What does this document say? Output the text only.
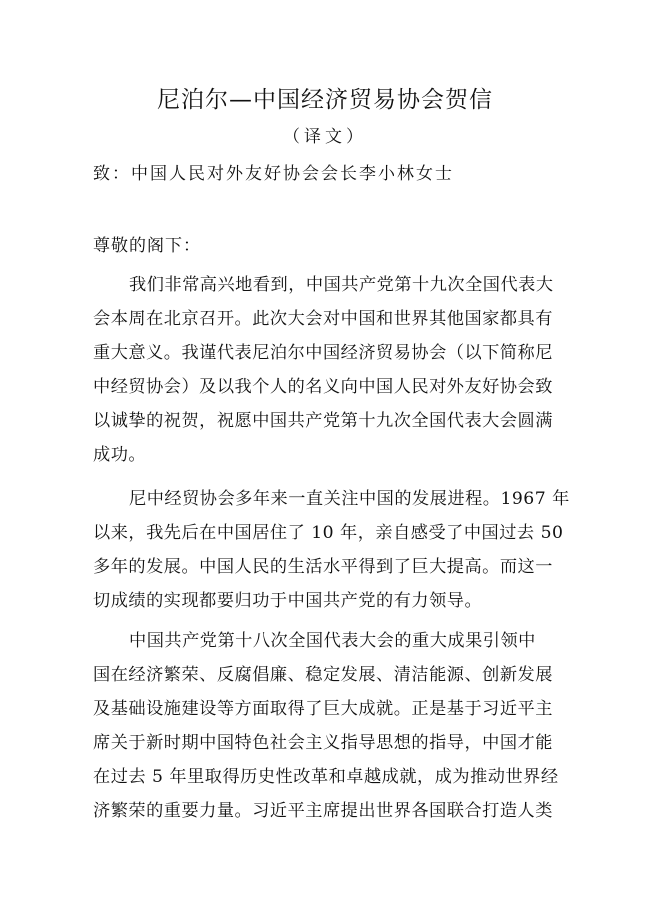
尼泊尔—中国经济贸易协会贺信
（译文）
致：中国人民对外友好协会会长李小林女士
尊敬的阁下：
我们非常高兴地看到，中国共产党第十九次全国代表大
会本周在北京召开。此次大会对中国和世界其他国家都具有
重大意义。我谨代表尼泊尔中国经济贸易协会（以下简称尼
中经贸协会）及以我个人的名义向中国人民对外友好协会致
以诚挚的祝贺，祝愿中国共产党第十九次全国代表大会圆满
成功。
尼中经贸协会多年来一直关注中国的发展进程。1967 年
以来，我先后在中国居住了 10 年，亲自感受了中国过去 50
多年的发展。中国人民的生活水平得到了巨大提高。而这一
切成绩的实现都要归功于中国共产党的有力领导。
中国共产党第十八次全国代表大会的重大成果引领中
国在经济繁荣、反腐倡廉、稳定发展、清洁能源、创新发展
及基础设施建设等方面取得了巨大成就。正是基于习近平主
席关于新时期中国特色社会主义指导思想的指导，中国才能
在过去 5 年里取得历史性改革和卓越成就，成为推动世界经
济繁荣的重要力量。习近平主席提出世界各国联合打造人类
